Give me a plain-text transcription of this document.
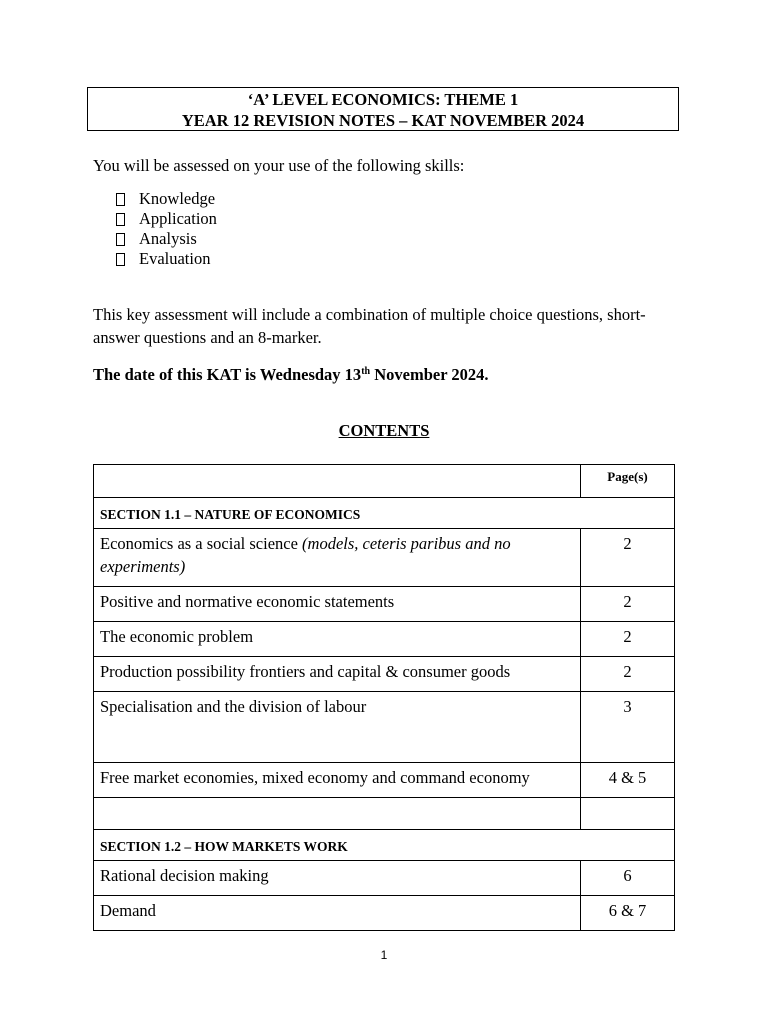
‘A’ LEVEL ECONOMICS: THEME 1
YEAR 12 REVISION NOTES – KAT NOVEMBER 2024
You will be assessed on your use of the following skills:
Knowledge
Application
Analysis
Evaluation
This key assessment will include a combination of multiple choice questions, short-answer questions and an 8-marker.
The date of this KAT is Wednesday 13th November 2024.
CONTENTS
	Page(s)

SECTION 1.1 – NATURE OF ECONOMICS	

Economics as a social science (models, ceteris paribus and no experiments)	2
Positive and normative economic statements	2
The economic problem	2
Production possibility frontiers and capital & consumer goods	2
Specialisation and the division of labour	3
Free market economies, mixed economy and command economy	4 & 5

SECTION 1.2 – HOW MARKETS WORK	

Rational decision making	6
Demand	6 & 7
1
